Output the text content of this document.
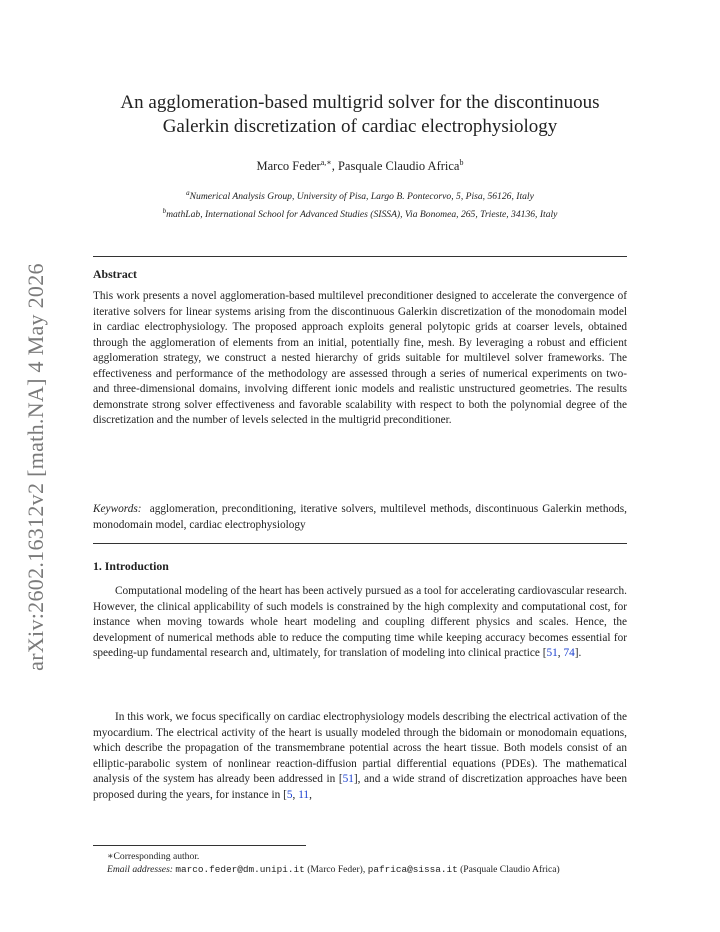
arXiv:2602.16312v2 [math.NA] 4 May 2026
An agglomeration-based multigrid solver for the discontinuous Galerkin discretization of cardiac electrophysiology
Marco Feder$^{a,∗}$, Pasquale Claudio Africa$^b$
$^a$Numerical Analysis Group, University of Pisa, Largo B. Pontecorvo, 5, Pisa, 56126, Italy
$^b$mathLab, International School for Advanced Studies (SISSA), Via Bonomea, 265, Trieste, 34136, Italy
Abstract
This work presents a novel agglomeration-based multilevel preconditioner designed to accelerate the convergence of iterative solvers for linear systems arising from the discontinuous Galerkin discretization of the monodomain model in cardiac electrophysiology. The proposed approach exploits general polytopic grids at coarser levels, obtained through the agglomeration of elements from an initial, potentially fine, mesh. By leveraging a robust and efficient agglomeration strategy, we construct a nested hierarchy of grids suitable for multilevel solver frameworks. The effectiveness and performance of the methodology are assessed through a series of numerical experiments on two- and three-dimensional domains, involving different ionic models and realistic unstructured geometries. The results demonstrate strong solver effectiveness and favorable scalability with respect to both the polynomial degree of the discretization and the number of levels selected in the multigrid preconditioner.
Keywords: agglomeration, preconditioning, iterative solvers, multilevel methods, discontinuous Galerkin methods, monodomain model, cardiac electrophysiology
1. Introduction
Computational modeling of the heart has been actively pursued as a tool for accelerating cardiovascular research. However, the clinical applicability of such models is constrained by the high complexity and computational cost, for instance when moving towards whole heart modeling and coupling different physics and scales. Hence, the development of numerical methods able to reduce the computing time while keeping accuracy becomes essential for speeding-up fundamental research and, ultimately, for translation of modeling into clinical practice [51, 74].
In this work, we focus specifically on cardiac electrophysiology models describing the electrical activation of the myocardium. The electrical activity of the heart is usually modeled through the bidomain or monodomain equations, which describe the propagation of the transmembrane potential across the heart tissue. Both models consist of an elliptic-parabolic system of nonlinear reaction-diffusion partial differential equations (PDEs). The mathematical analysis of the system has already been addressed in [51], and a wide strand of discretization approaches have been proposed during the years, for instance in [5, 11,
∗Corresponding author.
Email addresses: marco.feder@dm.unipi.it (Marco Feder), pafrica@sissa.it (Pasquale Claudio Africa)
